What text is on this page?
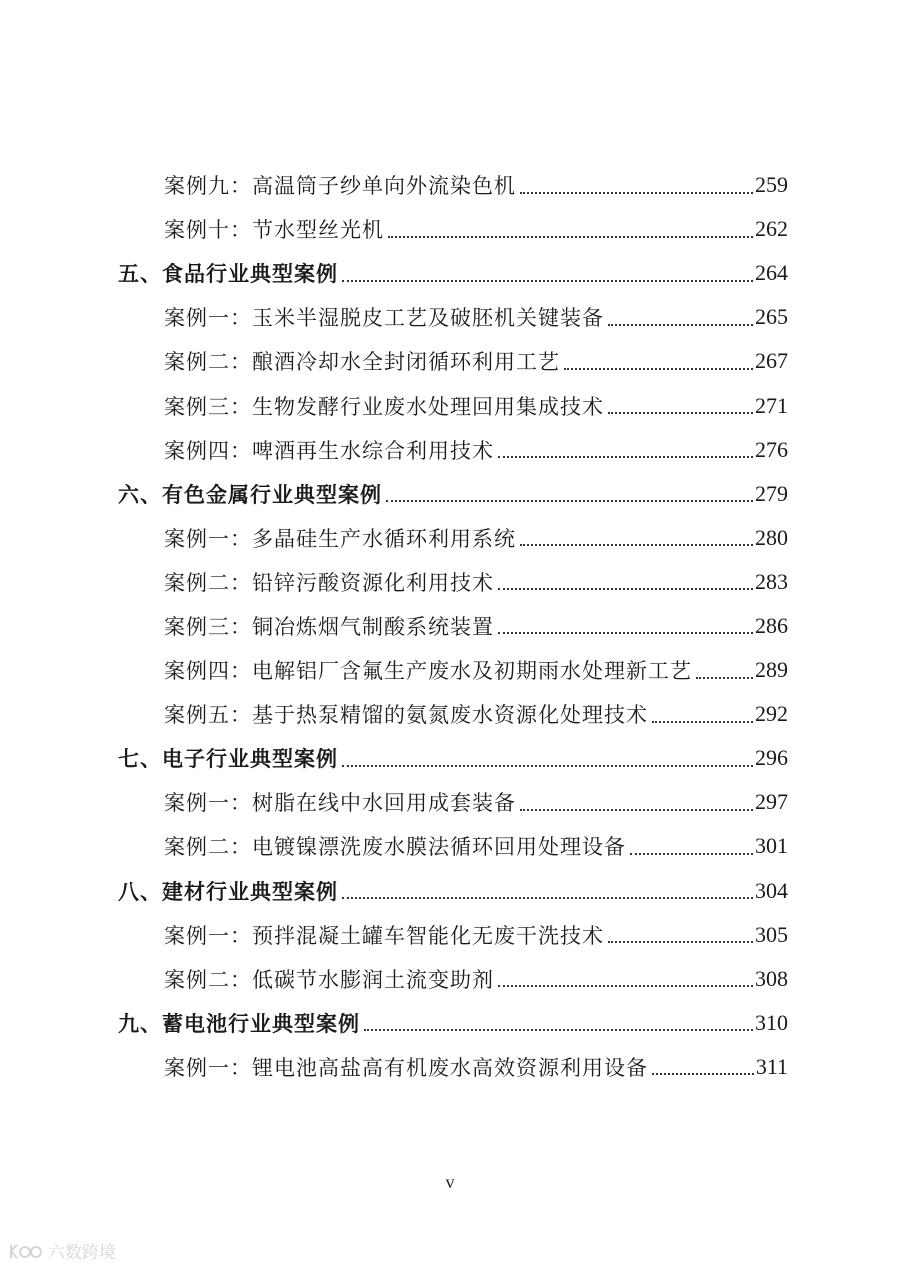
案例九：高温筒子纱单向外流染色机	259
案例十：节水型丝光机	262
五、食品行业典型案例	264
案例一：玉米半湿脱皮工艺及破胚机关键装备	265
案例二：酿酒冷却水全封闭循环利用工艺	267
案例三：生物发酵行业废水处理回用集成技术	271
案例四：啤酒再生水综合利用技术	276
六、有色金属行业典型案例	279
案例一：多晶硅生产水循环利用系统	280
案例二：铅锌污酸资源化利用技术	283
案例三：铜冶炼烟气制酸系统装置	286
案例四：电解铝厂含氟生产废水及初期雨水处理新工艺	289
案例五：基于热泵精馏的氨氮废水资源化处理技术	292
七、电子行业典型案例	296
案例一：树脂在线中水回用成套装备	297
案例二：电镀镍漂洗废水膜法循环回用处理设备	301
八、建材行业典型案例	304
案例一：预拌混凝土罐车智能化无废干洗技术	305
案例二：低碳节水膨润土流变助剂	308
九、蓄电池行业典型案例	310
案例一：锂电池高盐高有机废水高效资源利用设备	311
v
六数跨境
